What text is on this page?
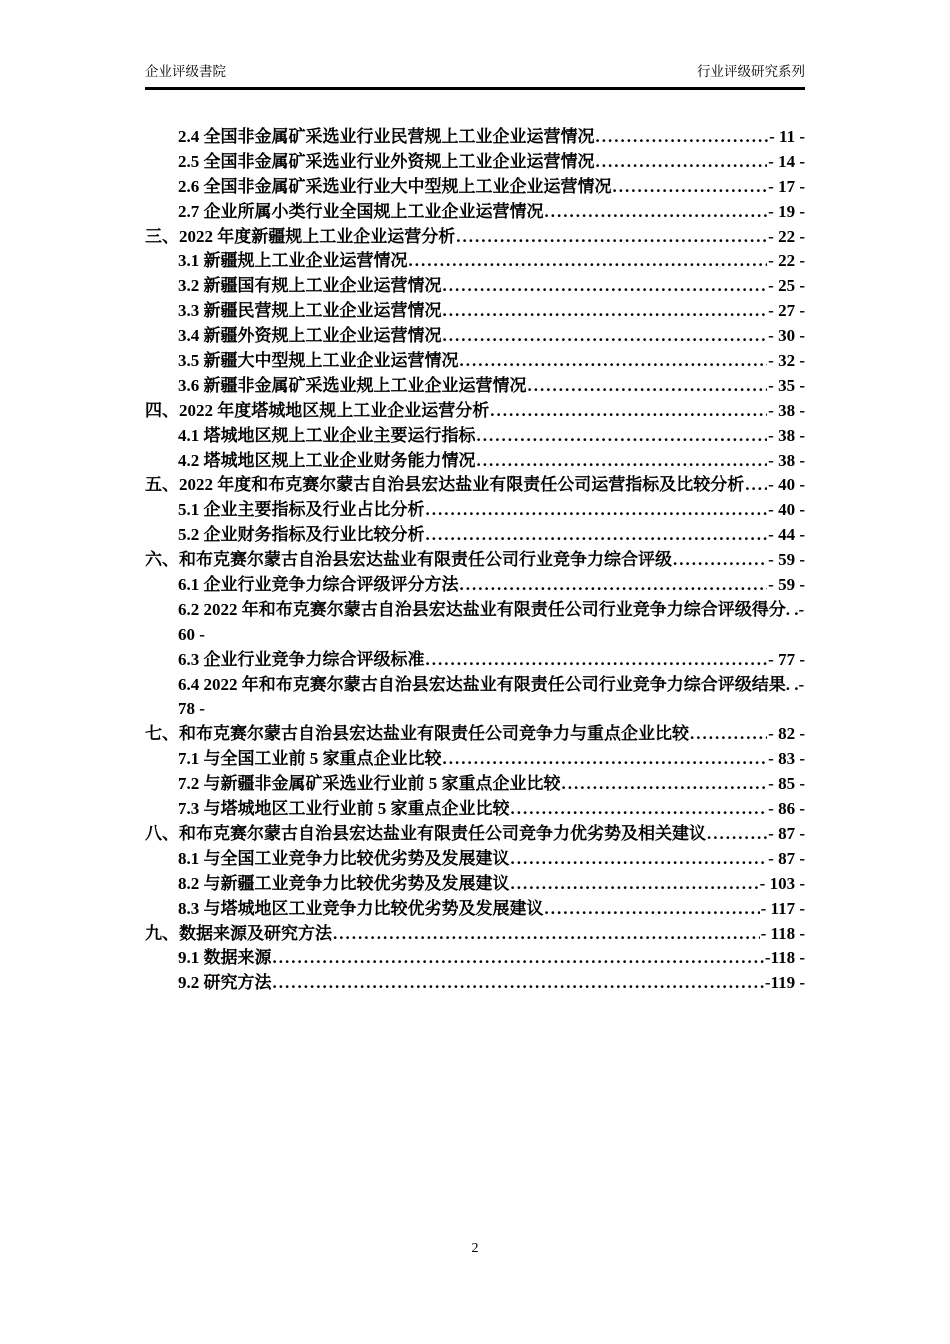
企业评级書院	行业评级研究系列
2.4 全国非金属矿采选业行业民营规上工业企业运营情况 .....	- 11 -
2.5 全国非金属矿采选业行业外资规上工业企业运营情况 .....	- 14 -
2.6 全国非金属矿采选业行业大中型规上工业企业运营情况 .....	- 17 -
2.7 企业所属小类行业全国规上工业企业运营情况 .....	- 19 -
三、2022 年度新疆规上工业企业运营分析 .....	- 22 -
3.1 新疆规上工业企业运营情况 .....	- 22 -
3.2 新疆国有规上工业企业运营情况 .....	- 25 -
3.3 新疆民营规上工业企业运营情况 .....	- 27 -
3.4 新疆外资规上工业企业运营情况 .....	- 30 -
3.5 新疆大中型规上工业企业运营情况 .....	- 32 -
3.6 新疆非金属矿采选业规上工业企业运营情况 .....	- 35 -
四、2022 年度塔城地区规上工业企业运营分析 .....	- 38 -
4.1 塔城地区规上工业企业主要运行指标 .....	- 38 -
4.2 塔城地区规上工业企业财务能力情况 .....	- 38 -
五、2022 年度和布克赛尔蒙古自治县宏达盐业有限责任公司运营指标及比较分析 ..... - 40 -
5.1 企业主要指标及行业占比分析 .....	- 40 -
5.2 企业财务指标及行业比较分析 .....	- 44 -
六、和布克赛尔蒙古自治县宏达盐业有限责任公司行业竞争力综合评级 .....	- 59 -
6.1 企业行业竞争力综合评级评分方法 .....	- 59 -
6.2 2022 年和布克赛尔蒙古自治县宏达盐业有限责任公司行业竞争力综合评级得分. .-
60 -
6.3 企业行业竞争力综合评级标准 .....	- 77 -
6.4 2022 年和布克赛尔蒙古自治县宏达盐业有限责任公司行业竞争力综合评级结果. .-
78 -
七、和布克赛尔蒙古自治县宏达盐业有限责任公司竞争力与重点企业比较 .....	- 82 -
7.1 与全国工业前 5 家重点企业比较 .....	- 83 -
7.2 与新疆非金属矿采选业行业前 5 家重点企业比较 .....	- 85 -
7.3 与塔城地区工业行业前 5 家重点企业比较 .....	- 86 -
八、和布克赛尔蒙古自治县宏达盐业有限责任公司竞争力优劣势及相关建议 .....	- 87 -
8.1 与全国工业竞争力比较优劣势及发展建议 .....	- 87 -
8.2 与新疆工业竞争力比较优劣势及发展建议 .....	- 103 -
8.3 与塔城地区工业竞争力比较优劣势及发展建议 .....	- 117 -
九、数据来源及研究方法 .....	- 118 -
9.1 数据来源 .....	-118 -
9.2 研究方法 .....	-119 -
2
